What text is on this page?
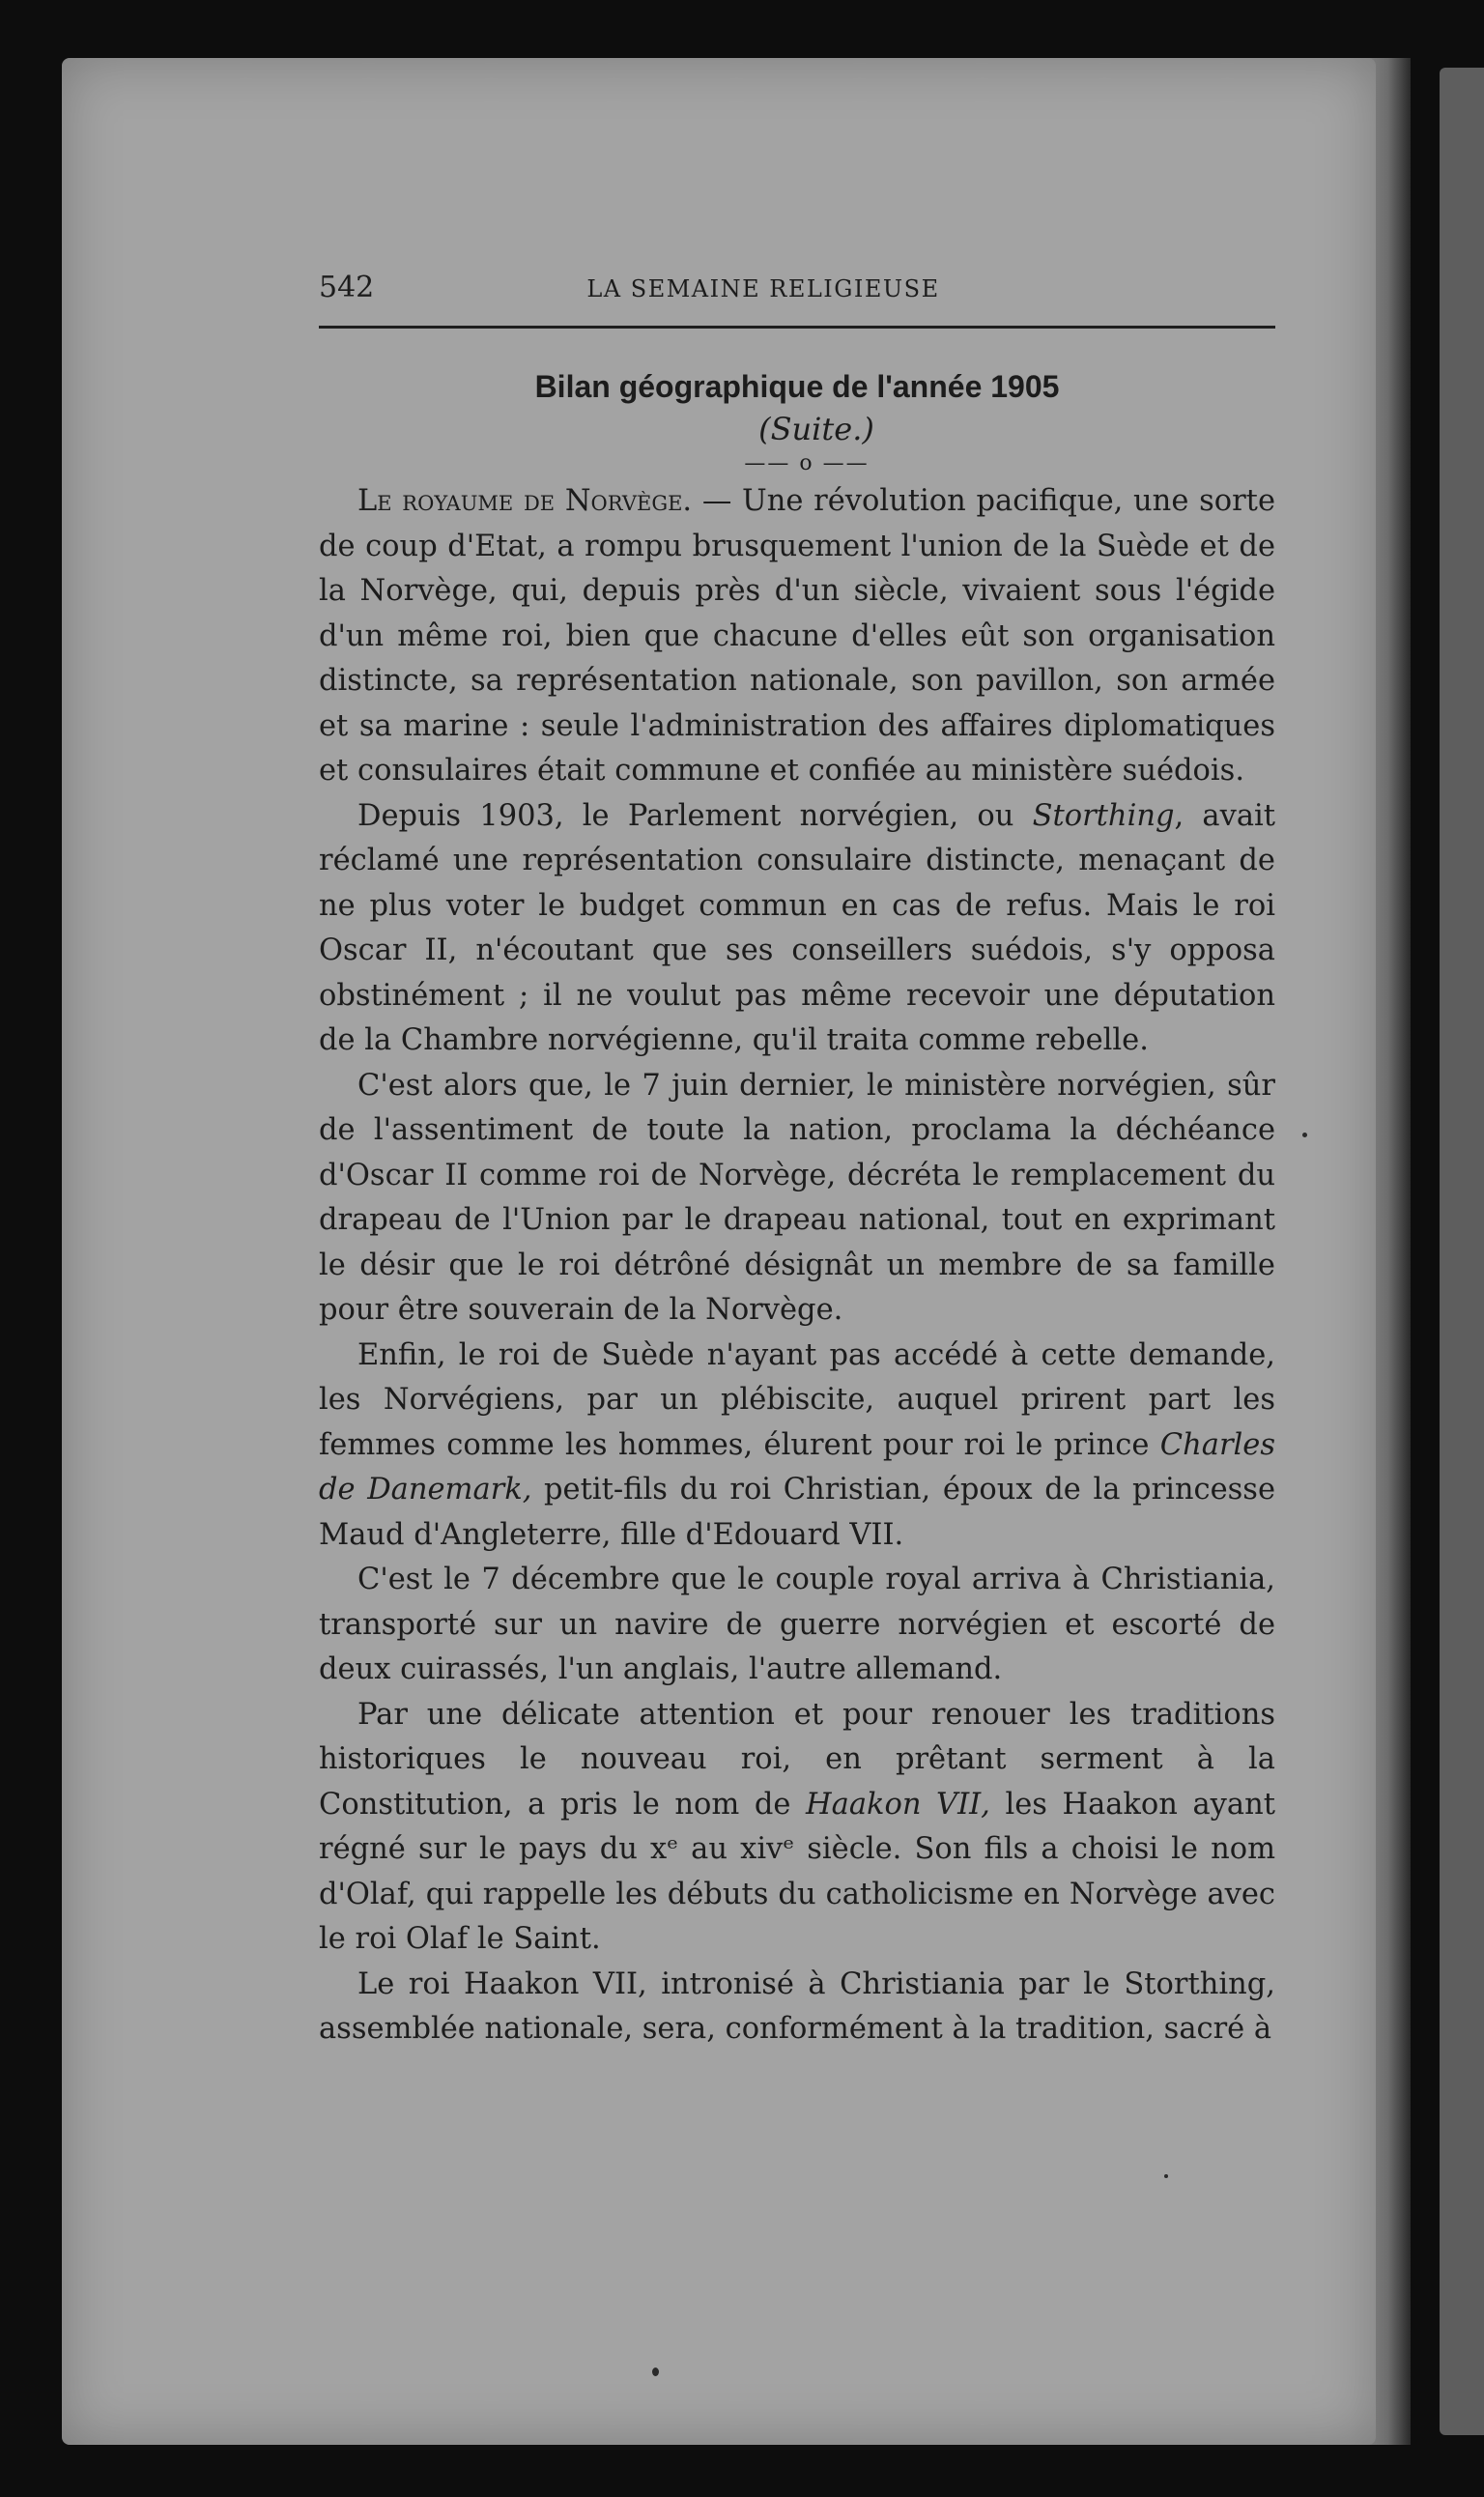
542	LA SEMAINE RELIGIEUSE
Bilan géographique de l'année 1905
(Suite.)
—— o ——

Le royaume de Norvège. — Une révolution pacifique, une sorte de coup d'Etat, a rompu brusquement l'union de la Suède et de la Norvège, qui, depuis près d'un siècle, vivaient sous l'égide d'un même roi, bien que chacune d'elles eût son organisation distincte, sa représentation nationale, son pavillon, son armée et sa marine : seule l'administration des affaires diplomatiques et consulaires était commune et confiée au ministère suédois.

Depuis 1903, le Parlement norvégien, ou Storthing, avait réclamé une représentation consulaire distincte, menaçant de ne plus voter le budget commun en cas de refus. Mais le roi Oscar II, n'écoutant que ses conseillers suédois, s'y opposa obstinément ; il ne voulut pas même recevoir une députation de la Chambre norvégienne, qu'il traita comme rebelle.

C'est alors que, le 7 juin dernier, le ministère norvégien, sûr de l'assentiment de toute la nation, proclama la déchéance d'Oscar II comme roi de Norvège, décréta le remplacement du drapeau de l'Union par le drapeau national, tout en exprimant le désir que le roi détrôné désignât un membre de sa famille pour être souverain de la Norvège.

Enfin, le roi de Suède n'ayant pas accédé à cette demande, les Norvégiens, par un plébiscite, auquel prirent part les femmes comme les hommes, élurent pour roi le prince Charles de Danemark, petit-fils du roi Christian, époux de la princesse Maud d'Angleterre, fille d'Edouard VII.

C'est le 7 décembre que le couple royal arriva à Christiania, transporté sur un navire de guerre norvégien et escorté de deux cuirassés, l'un anglais, l'autre allemand.

Par une délicate attention et pour renouer les traditions historiques le nouveau roi, en prêtant serment à la Constitution, a pris le nom de Haakon VII, les Haakon ayant régné sur le pays du xᵉ au xivᵉ siècle. Son fils a choisi le nom d'Olaf, qui rappelle les débuts du catholicisme en Norvège avec le roi Olaf le Saint.

Le roi Haakon VII, intronisé à Christiania par le Storthing, assemblée nationale, sera, conformément à la tradition, sacré à
